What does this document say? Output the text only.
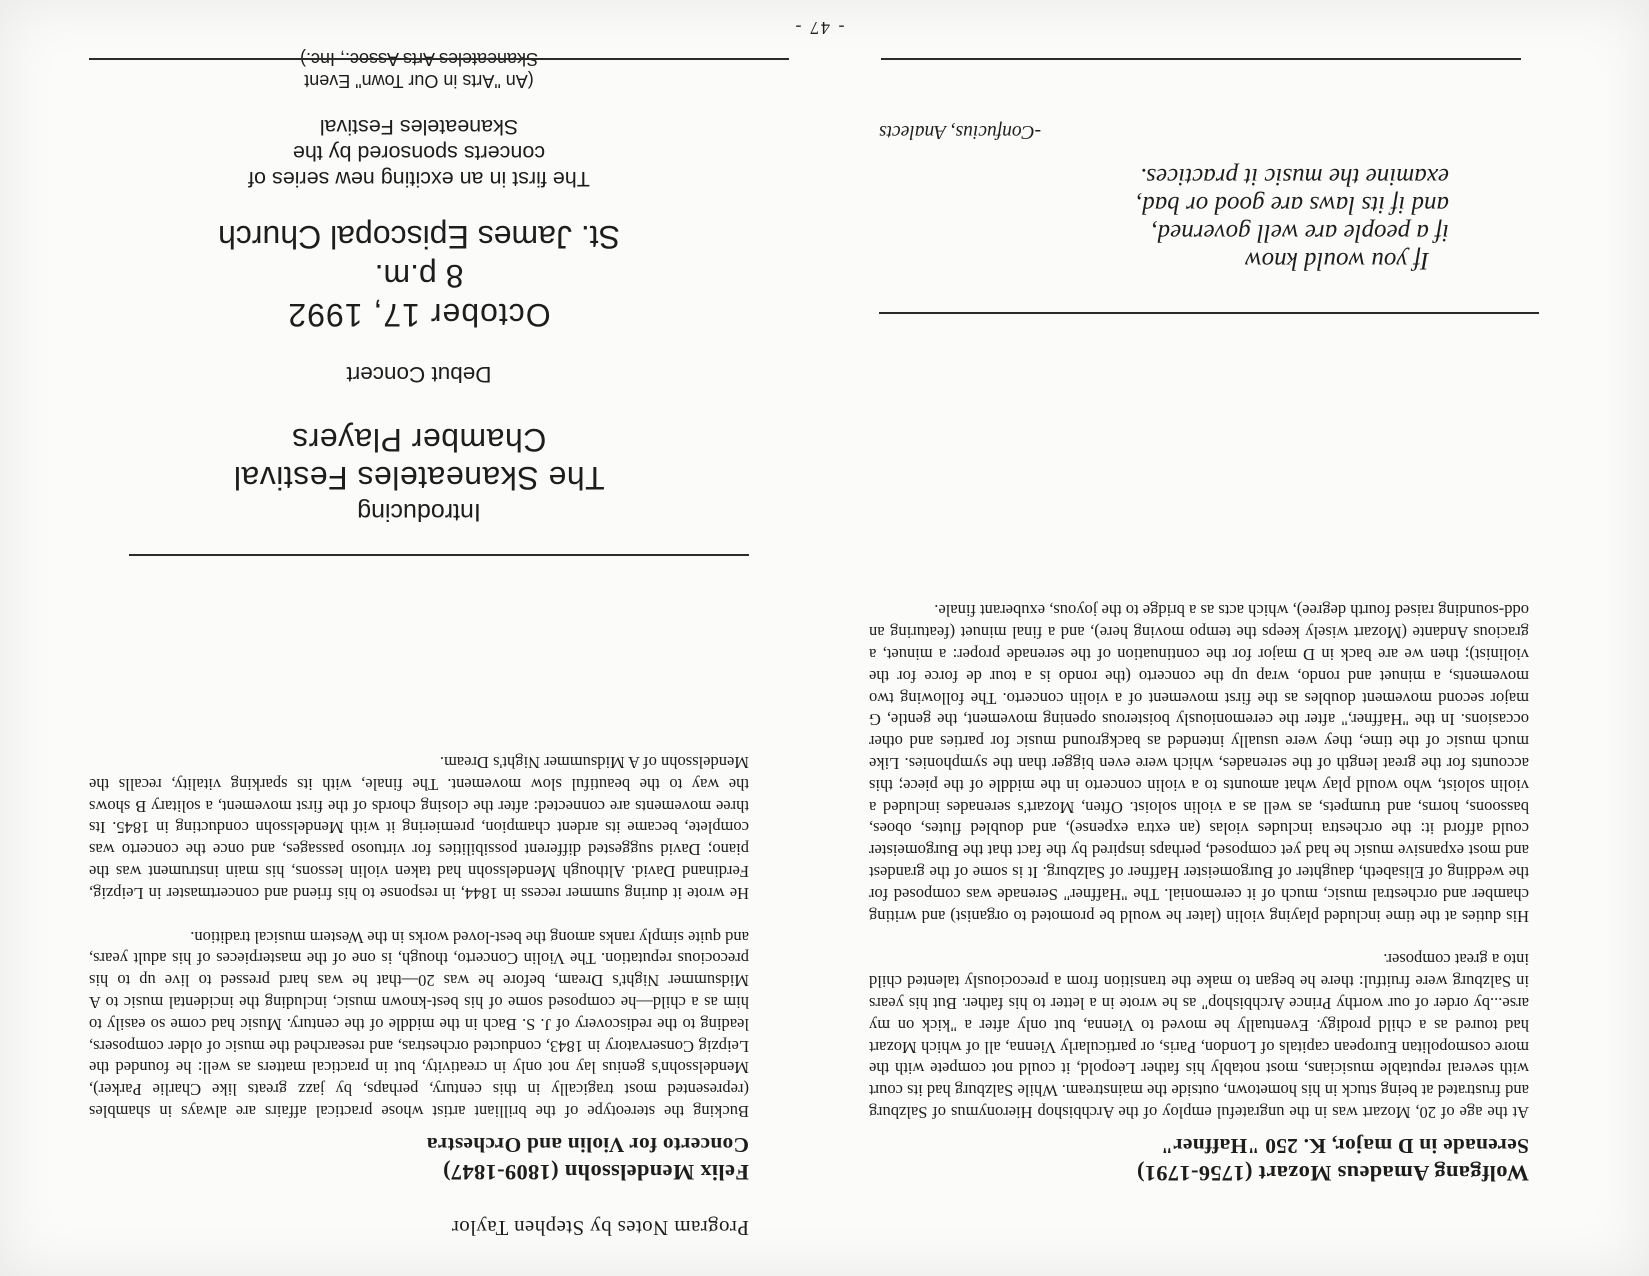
Wolfgang Amadeus Mozart (1756-1791)
Serenade in D major, K. 250 "Haffner"

At the age of 20, Mozart was in the ungrateful employ of the Archbishop Hieronymus of Salzburg and frustrated at being stuck in his hometown, outside the mainstream. While Salzburg had its court with several reputable musicians, most notably his father Leopold, it could not compete with the more cosmopolitan European capitals of London, Paris, or particularly Vienna, all of which Mozart had toured as a child prodigy. Eventually he moved to Vienna, but only after a "kick on my arse...by order of our worthy Prince Archbishop" as he wrote in a letter to his father. But his years in Salzburg were fruitful: there he began to make the transition from a precociously talented child into a great composer.

His duties at the time included playing violin (later he would be promoted to organist) and writing chamber and orchestral music, much of it ceremonial. The "Haffner" Serenade was composed for the wedding of Elisabeth, daughter of Burgomeister Haffner of Salzburg. It is some of the grandest and most expansive music he had yet composed, perhaps inspired by the fact that the Burgomeister could afford it: the orchestra includes violas (an extra expense), and doubled flutes, oboes, bassoons, horns, and trumpets, as well as a violin soloist. Often, Mozart's serenades included a violin soloist, who would play what amounts to a violin concerto in the middle of the piece; this accounts for the great length of the serenades, which were even bigger than the symphonies. Like much music of the time, they were usually intended as background music for parties and other occasions. In the "Haffner," after the ceremoniously boisterous opening movement, the gentle, G major second movement doubles as the first movement of a violin concerto. The following two movements, a minuet and rondo, wrap up the concerto (the rondo is a tour de force for the violinist); then we are back in D major for the continuation of the serenade proper: a minuet, a gracious Andante (Mozart wisely keeps the tempo moving here), and a final minuet (featuring an odd-sounding raised fourth degree), which acts as a bridge to the joyous, exuberant finale.

If you would know
if a people are well governed,
and if its laws are good or bad,
examine the music it practices.
-Confucius, Analects
Program Notes by Stephen Taylor
Felix Mendelssohn (1809-1847)
Concerto for Violin and Orchestra

Bucking the stereotype of the brilliant artist whose practical affairs are always in shambles (represented most tragically in this century, perhaps, by jazz greats like Charlie Parker), Mendelssohn's genius lay not only in creativity, but in practical matters as well: he founded the Leipzig Conservatory in 1843, conducted orchestras, and researched the music of older composers, leading to the rediscovery of J. S. Bach in the middle of the century. Music had come so easily to him as a child—he composed some of his best-known music, including the incidental music to A Midsummer Night's Dream, before he was 20—that he was hard pressed to live up to his precocious reputation. The Violin Concerto, though, is one of the masterpieces of his adult years, and quite simply ranks among the best-loved works in the Western musical tradition.

He wrote it during summer recess in 1844, in response to his friend and concertmaster in Leipzig, Ferdinand David. Although Mendelssohn had taken violin lessons, his main instrument was the piano; David suggested different possibilities for virtuoso passages, and once the concerto was complete, became its ardent champion, premiering it with Mendelssohn conducting in 1845. Its three movements are connected: after the closing chords of the first movement, a solitary B shows the way to the beautiful slow movement. The finale, with its sparking vitality, recalls the Mendelssohn of A Midsummer Night's Dream.

Introducing
The Skaneateles Festival
Chamber Players
Debut Concert
October 17, 1992
8 p.m.
St. James Episcopal Church
The first in an exciting new series of
concerts sponsored by the
Skaneateles Festival
(An "Arts in Our Town" Event
Skaneateles Arts Assoc., Inc.)
- 47 -
